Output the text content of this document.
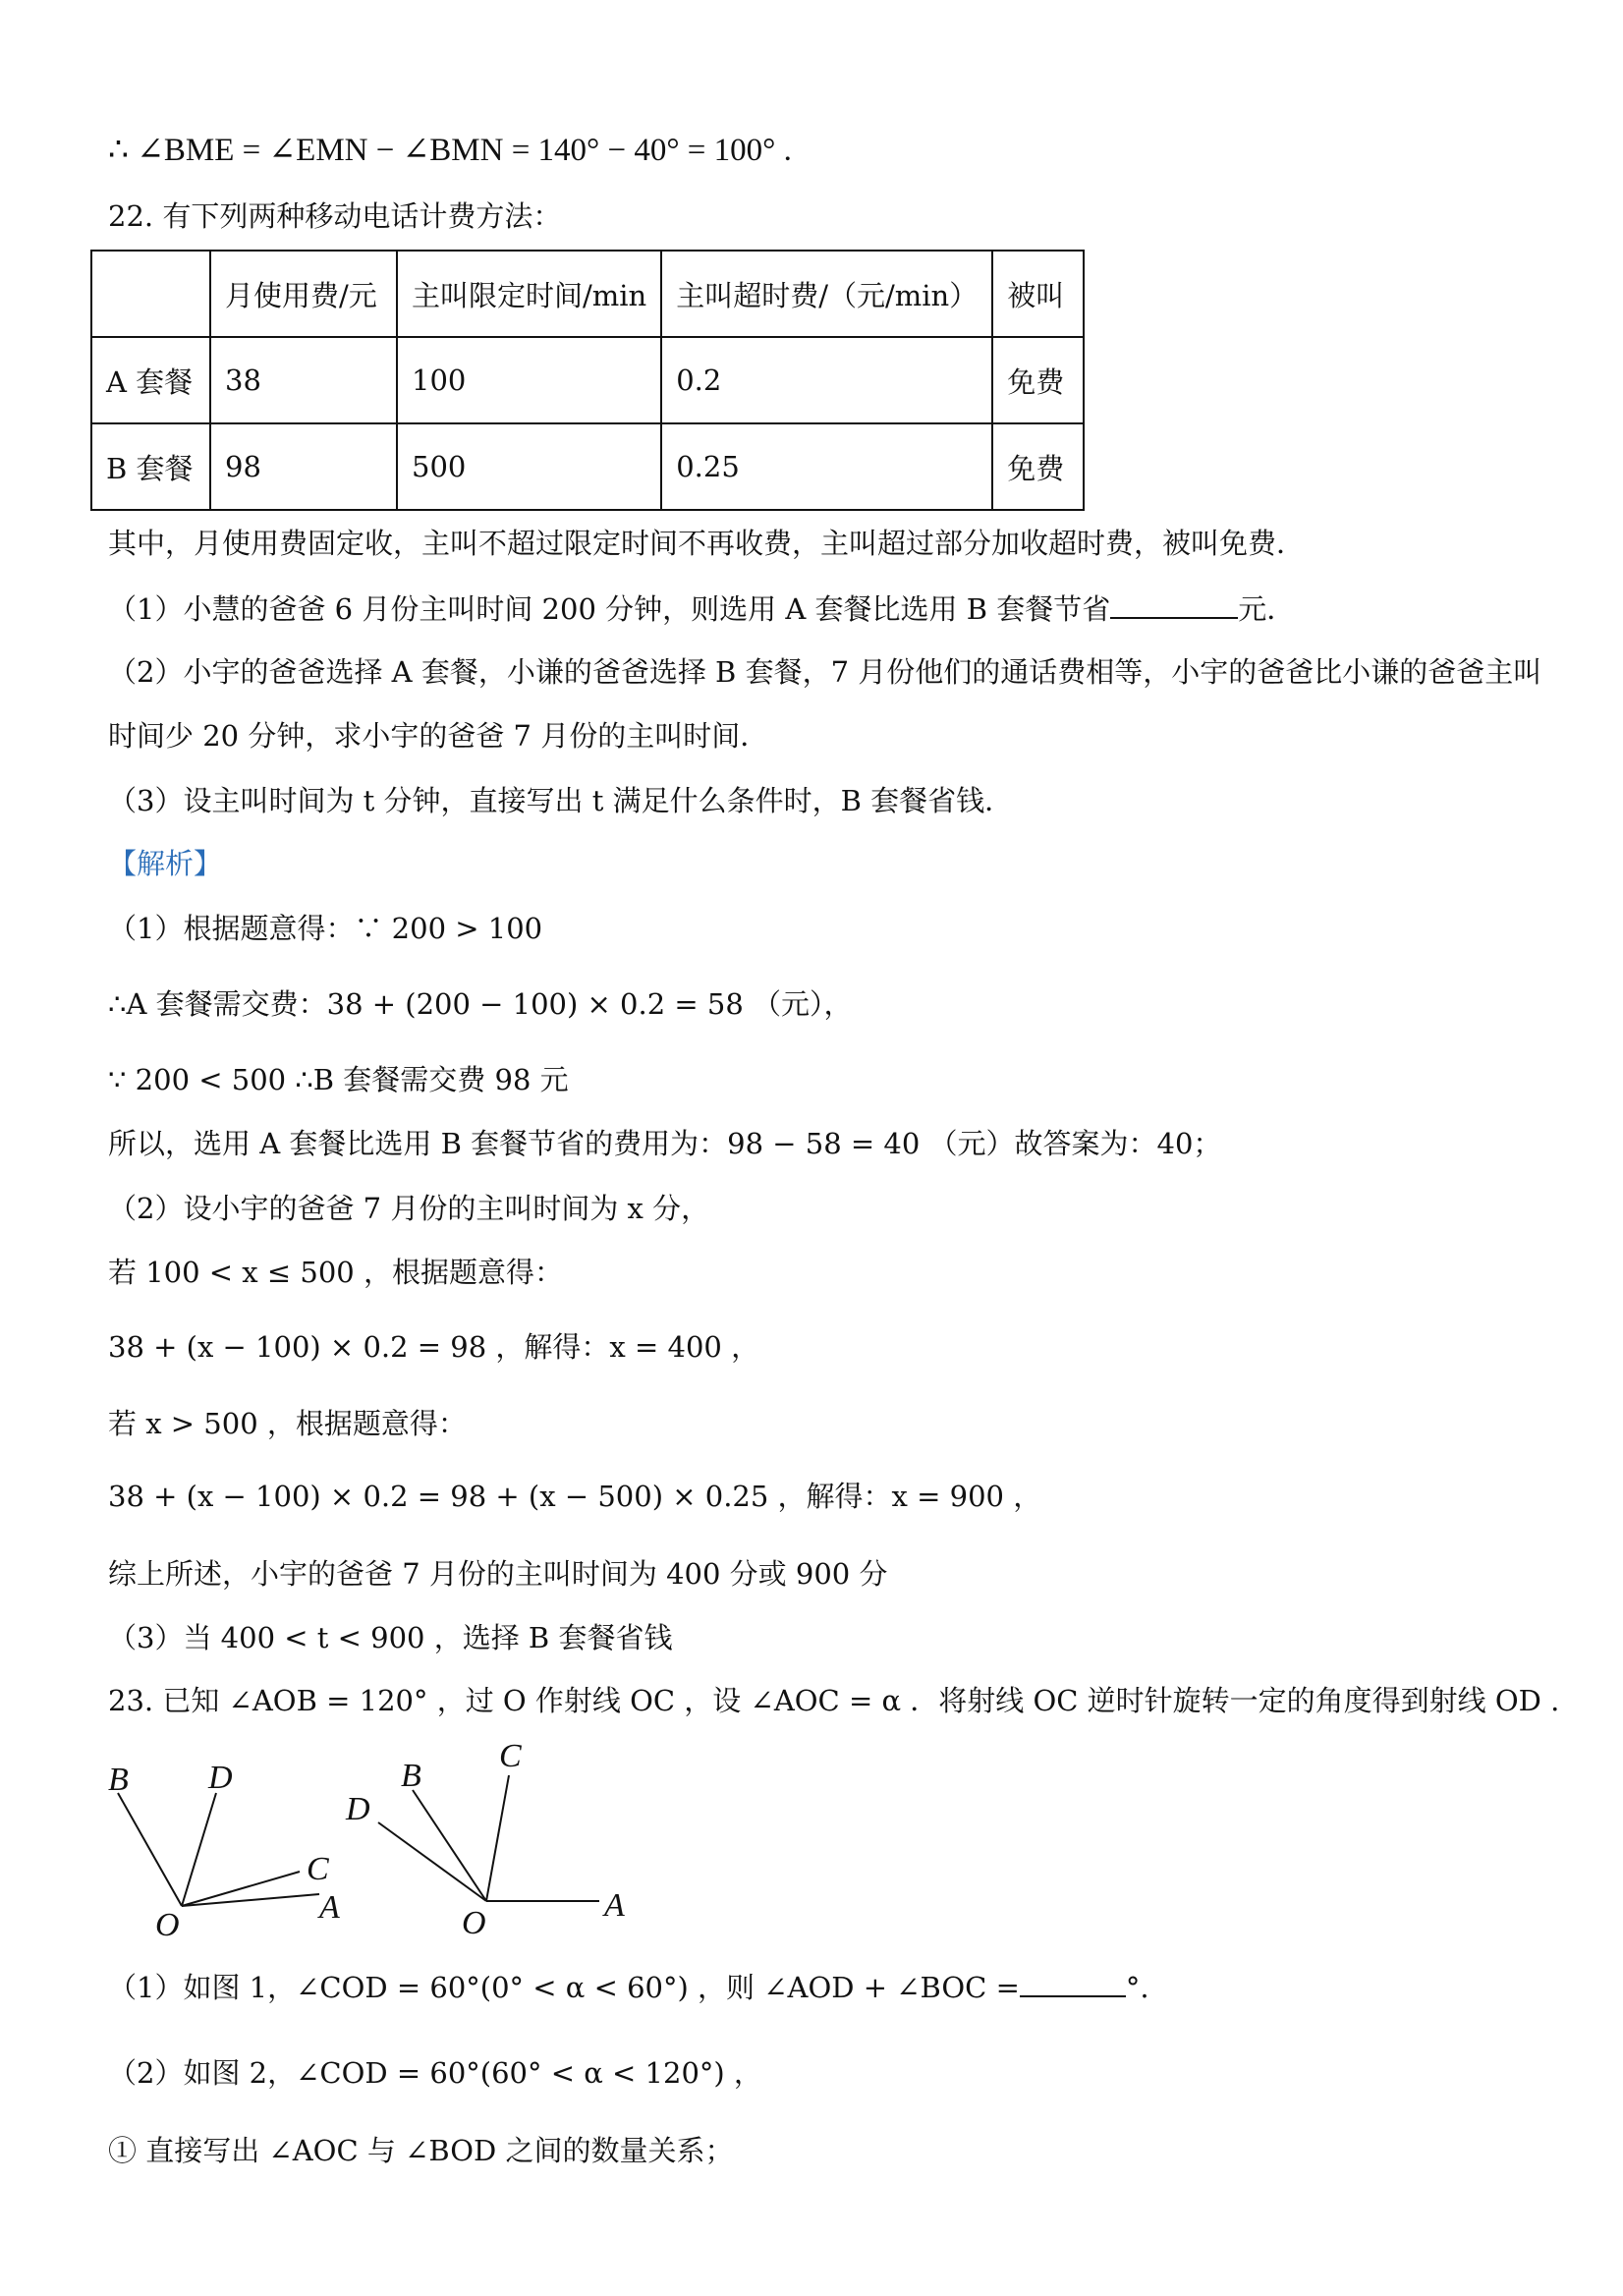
∴ ∠BME = ∠EMN − ∠BMN = 140° − 40° = 100° .
22. 有下列两种移动电话计费方法：
	月使用费/元	主叫限定时间/min	主叫超时费/（元/min）	被叫
A 套餐	38	100	0.2	免费
B 套餐	98	500	0.25	免费
其中，月使用费固定收，主叫不超过限定时间不再收费，主叫超过部分加收超时费，被叫免费．
（1）小慧的爸爸 6 月份主叫时间 200 分钟，则选用 A 套餐比选用 B 套餐节省	元．
（2）小宇的爸爸选择 A 套餐，小谦的爸爸选择 B 套餐，7 月份他们的通话费相等，小宇的爸爸比小谦的爸爸主叫
时间少 20 分钟，求小宇的爸爸 7 月份的主叫时间．
（3）设主叫时间为 t 分钟，直接写出 t 满足什么条件时，B 套餐省钱．
【解析】
（1）根据题意得：∵ 200 > 100
∴A 套餐需交费：38 + (200 − 100) × 0.2 = 58 （元），
∵ 200 < 500 ∴B 套餐需交费 98 元
所以，选用 A 套餐比选用 B 套餐节省的费用为：98 − 58 = 40 （元）故答案为：40；
（2）设小宇的爸爸 7 月份的主叫时间为 x 分，
若 100 < x ≤ 500 ，根据题意得：
38 + (x − 100) × 0.2 = 98 ，解得：x = 400 ，
若 x > 500 ，根据题意得：
38 + (x − 100) × 0.2 = 98 + (x − 500) × 0.25 ，解得：x = 900 ，
综上所述，小宇的爸爸 7 月份的主叫时间为 400 分或 900 分
（3）当 400 < t < 900 ，选择 B 套餐省钱
23. 已知 ∠AOB = 120° ，过 O 作射线 OC ，设 ∠AOC = α ．将射线 OC 逆时针旋转一定的角度得到射线 OD .
B D
C
A
O
B
C
D
A
O
（1）如图 1，∠COD = 60°(0° < α < 60°) ，则 ∠AOD + ∠BOC =	°.
（2）如图 2，∠COD = 60°(60° < α < 120°) ，
① 直接写出 ∠AOC 与 ∠BOD 之间的数量关系；
